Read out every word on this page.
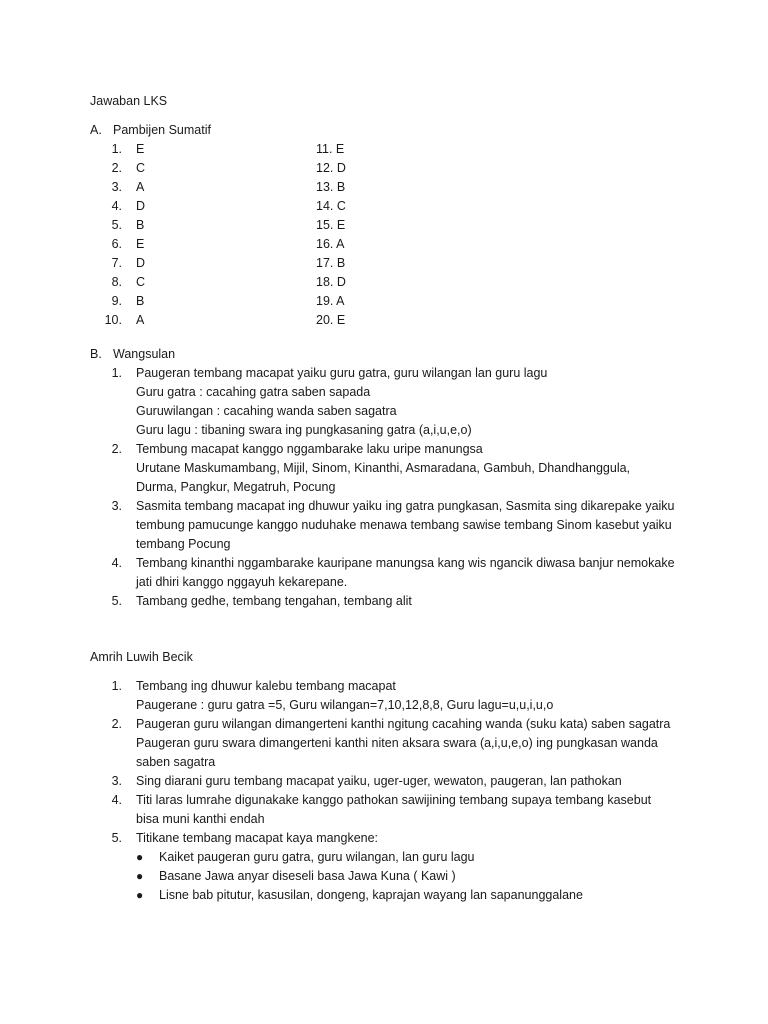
Jawaban LKS
A. Pambijen Sumatif
1. E
2. C
3. A
4. D
5. B
6. E
7. D
8. C
9. B
10. A
11. E
12. D
13. B
14. C
15. E
16. A
17. B
18. D
19. A
20. E
B. Wangsulan
1. Paugeran tembang macapat yaiku guru gatra, guru wilangan lan guru lagu
Guru gatra : cacahing gatra saben sapada
Guruwilangan : cacahing wanda saben sagatra
Guru lagu : tibaning swara ing pungkasaning gatra (a,i,u,e,o)
2. Tembung macapat kanggo nggambarake laku uripe manungsa
Urutane Maskumambang, Mijil, Sinom, Kinanthi, Asmaradana, Gambuh, Dhandhanggula,
Durma, Pangkur, Megatruh, Pocung
3. Sasmita tembang macapat ing dhuwur yaiku ing gatra pungkasan, Sasmita sing dikarepake yaiku
tembung pamucunge kanggo nuduhake menawa tembang sawise tembang Sinom kasebut yaiku
tembang Pocung
4. Tembang kinanthi nggambarake kauripane manungsa kang wis ngancik diwasa banjur nemokake
jati dhiri kanggo nggayuh kekarepane.
5. Tambang gedhe, tembang tengahan, tembang alit
Amrih Luwih Becik
1. Tembang ing dhuwur kalebu tembang macapat
Paugerane : guru gatra =5, Guru wilangan=7,10,12,8,8, Guru lagu=u,u,i,u,o
2. Paugeran guru wilangan dimangerteni kanthi ngitung cacahing wanda (suku kata) saben sagatra
Paugeran guru swara dimangerteni kanthi niten aksara swara (a,i,u,e,o) ing pungkasan wanda
saben sagatra
3. Sing diarani guru tembang macapat yaiku, uger-uger, wewaton, paugeran, lan pathokan
4. Titi laras lumrahe digunakake kanggo pathokan sawijining tembang supaya tembang kasebut
bisa muni kanthi endah
5. Titikane tembang macapat kaya mangkene:
● Kaiket paugeran guru gatra, guru wilangan, lan guru lagu
● Basane Jawa anyar diseseli basa Jawa Kuna ( Kawi )
● Lisne bab pitutur, kasusilan, dongeng, kaprajan wayang lan sapanunggalane
